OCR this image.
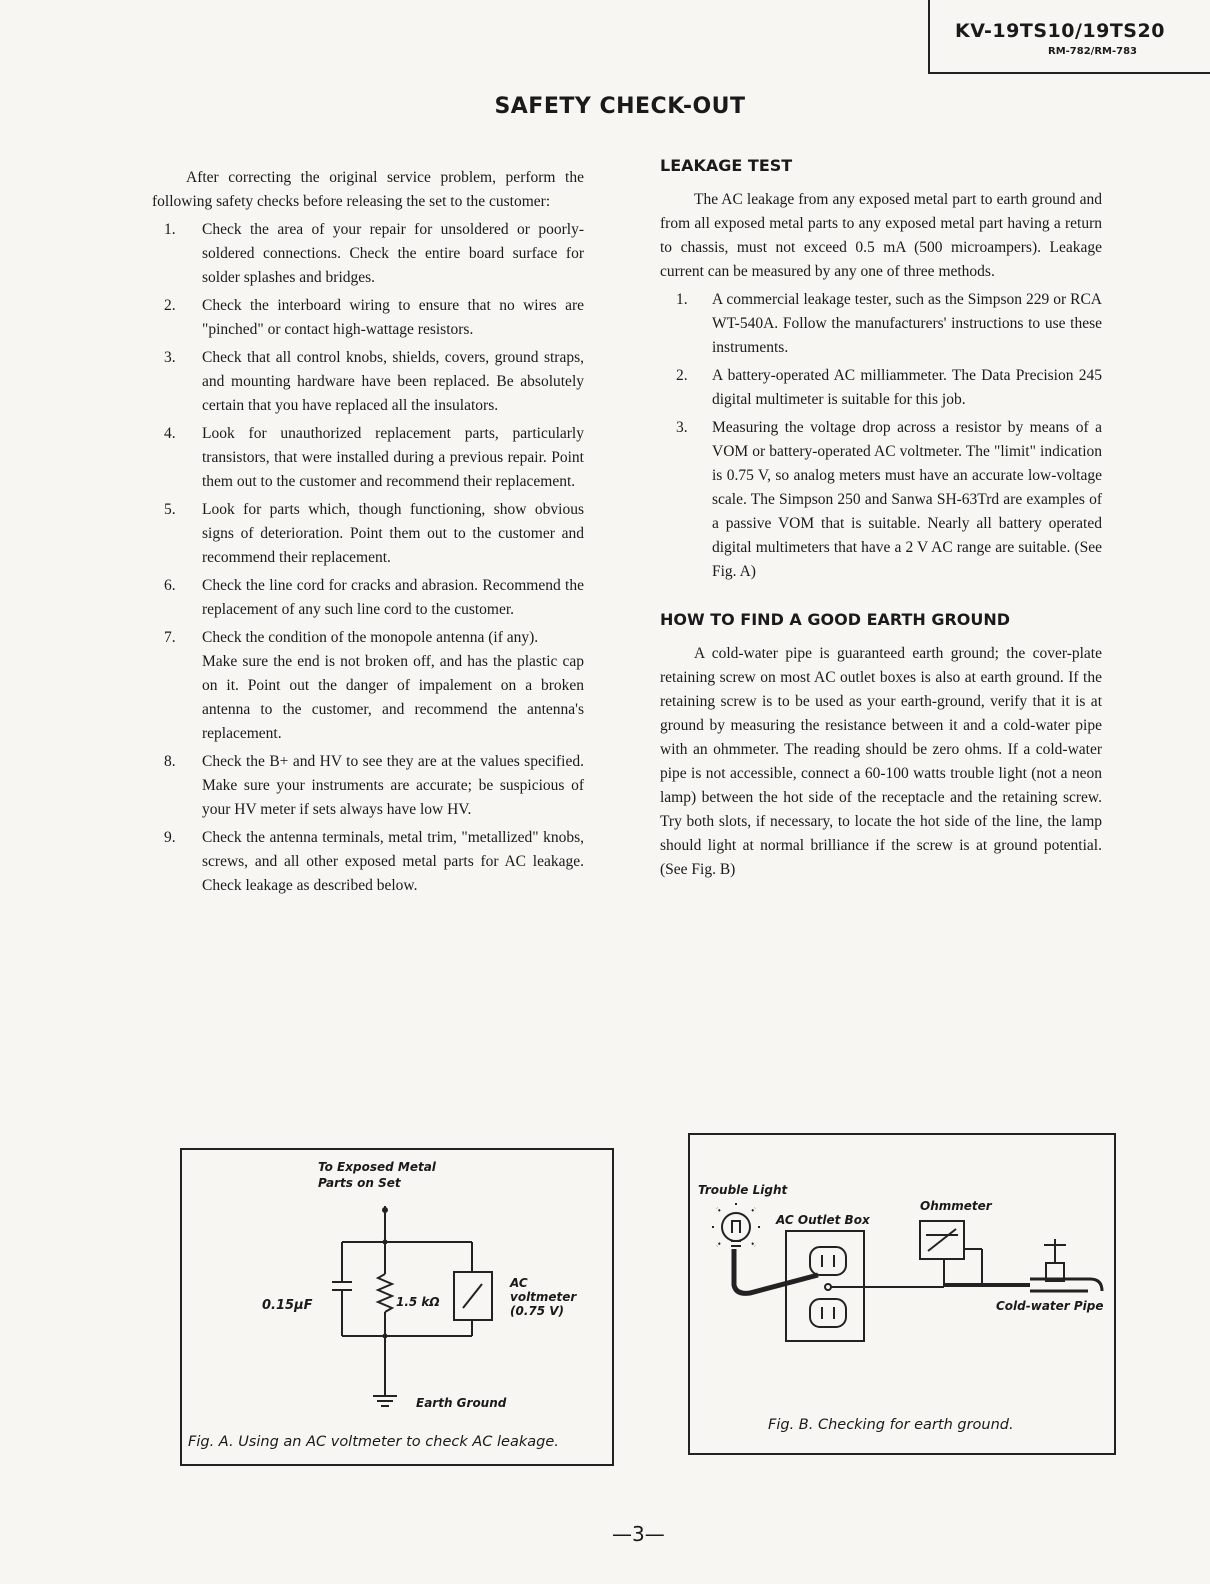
KV-19TS10/19TS20
RM-782/RM-783
SAFETY CHECK-OUT

After correcting the original service problem, perform the following safety checks before releasing the set to the customer:

1. Check the area of your repair for unsoldered or poorly-soldered connections. Check the entire board surface for solder splashes and bridges.
2. Check the interboard wiring to ensure that no wires are "pinched" or contact high-wattage resistors.
3. Check that all control knobs, shields, covers, ground straps, and mounting hardware have been replaced. Be absolutely certain that you have replaced all the insulators.
4. Look for unauthorized replacement parts, particularly transistors, that were installed during a previous repair. Point them out to the customer and recommend their replacement.
5. Look for parts which, though functioning, show obvious signs of deterioration. Point them out to the customer and recommend their replacement.
6. Check the line cord for cracks and abrasion. Recommend the replacement of any such line cord to the customer.
7. Check the condition of the monopole antenna (if any).
Make sure the end is not broken off, and has the plastic cap on it. Point out the danger of impalement on a broken antenna to the customer, and recommend the antenna's replacement.
8. Check the B+ and HV to see they are at the values specified. Make sure your instruments are accurate; be suspicious of your HV meter if sets always have low HV.
9. Check the antenna terminals, metal trim, "metallized" knobs, screws, and all other exposed metal parts for AC leakage. Check leakage as described below.
LEAKAGE TEST

The AC leakage from any exposed metal part to earth ground and from all exposed metal parts to any exposed metal part having a return to chassis, must not exceed 0.5 mA (500 microampers). Leakage current can be measured by any one of three methods.

1. A commercial leakage tester, such as the Simpson 229 or RCA WT-540A. Follow the manufacturers' instructions to use these instruments.
2. A battery-operated AC milliammeter. The Data Precision 245 digital multimeter is suitable for this job.
3. Measuring the voltage drop across a resistor by means of a VOM or battery-operated AC voltmeter. The "limit" indication is 0.75 V, so analog meters must have an accurate low-voltage scale. The Simpson 250 and Sanwa SH-63Trd are examples of a passive VOM that is suitable. Nearly all battery operated digital multimeters that have a 2 V AC range are suitable. (See Fig. A)
HOW TO FIND A GOOD EARTH GROUND

A cold-water pipe is guaranteed earth ground; the cover-plate retaining screw on most AC outlet boxes is also at earth ground. If the retaining screw is to be used as your earth-ground, verify that it is at ground by measuring the resistance between it and a cold-water pipe with an ohmmeter. The reading should be zero ohms. If a cold-water pipe is not accessible, connect a 60-100 watts trouble light (not a neon lamp) between the hot side of the receptacle and the retaining screw. Try both slots, if necessary, to locate the hot side of the line, the lamp should light at normal brilliance if the screw is at ground potential. (See Fig. B)

To Exposed Metal
Parts on Set
0.15μF	1.5 kΩ
AC
voltmeter
(0.75 V)
Earth Ground
Fig. A. Using an AC voltmeter to check AC leakage.
Trouble Light
AC Outlet Box
Ohmmeter
Cold-water Pipe
Fig. B. Checking for earth ground.
—3—
